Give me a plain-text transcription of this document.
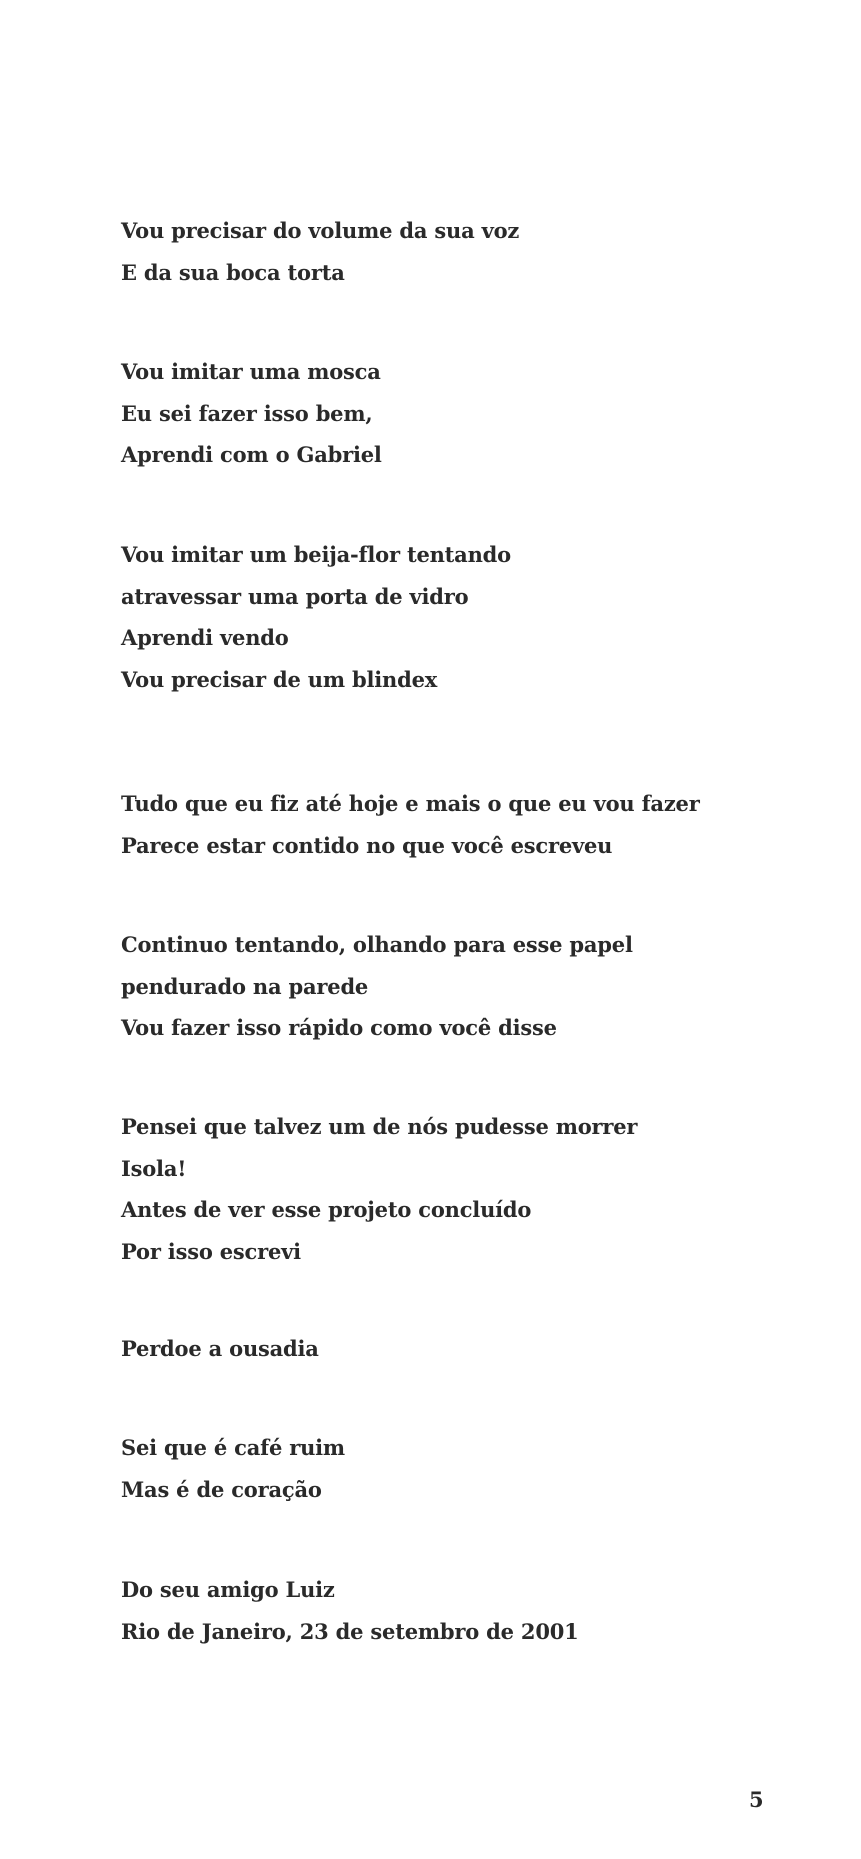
Vou precisar do volume da sua voz
E da sua boca torta
Vou imitar uma mosca
Eu sei fazer isso bem,
Aprendi com o Gabriel
Vou imitar um beija-flor tentando
atravessar uma porta de vidro
Aprendi vendo
Vou precisar de um blindex
Tudo que eu fiz até hoje e mais o que eu vou fazer
Parece estar contido no que você escreveu
Continuo tentando, olhando para esse papel
pendurado na parede
Vou fazer isso rápido como você disse
Pensei que talvez um de nós pudesse morrer
Isola!
Antes de ver esse projeto concluído
Por isso escrevi
Perdoe a ousadia
Sei que é café ruim
Mas é de coração
Do seu amigo Luiz
Rio de Janeiro, 23 de setembro de 2001
5
